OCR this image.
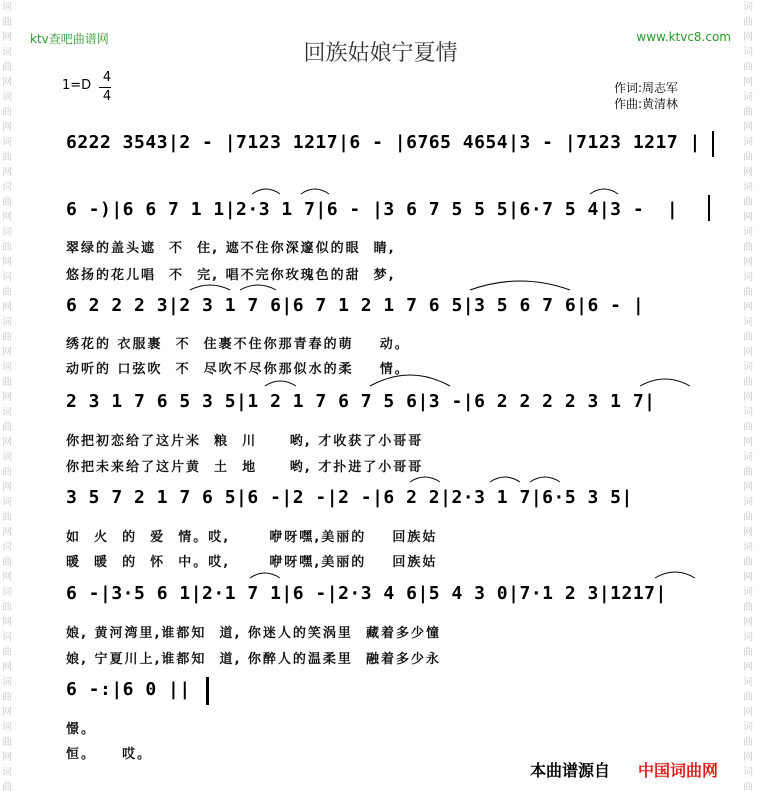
词
曲
网
词
曲
网
词
曲
网
词
曲
网
词
曲
网
词
曲
网
词
曲
网
词
曲
网
词
曲
网
词
曲
网
词
曲
网
词
曲
网
词
曲
网
词
曲
网
词
曲
网
词
曲
网
词
曲
网
词
曲
词
曲
网
词
曲
网
词
曲
网
词
曲
网
词
曲
网
词
曲
网
词
曲
网
词
曲
网
词
曲
网
词
曲
网
词
曲
网
词
曲
网
词
曲
网
词
曲
网
词
曲
网
词
曲
网
词
曲
网
词
曲
ktv查吧曲谱网	www.ktvc8.com
回族姑娘宁夏情
1=D
4
4
作词:周志军
作曲:黄清林
6222 3543|2 - |7123 1217|6 - |6765 4654|3 - |7123 1217 |
6 -)|6 6 7 1 1|2·3 1 7|6 - |3 6 7 5 5 5|6·7 5 4|3 -  |
翠绿的盖头遮  不  住, 遮不住你深邃似的眼  睛,
悠扬的花儿唱  不  完, 唱不完你玫瑰色的甜  梦,
6 2 2 2 3|2 3 1 7 6|6 7 1 2 1 7 6 5|3 5 6 7 6|6 - |
绣花的 衣服裹  不  住裹不住你那青春的萌    动。
动听的 口弦吹  不  尽吹不尽你那似水的柔    情。
2 3 1 7 6 5 3 5|1 2 1 7 6 7 5 6|3 -|6 2 2 2 2 3 1 7|
你把初恋给了这片米  粮  川     哟, 才收获了小哥哥
你把未来给了这片黄  土  地     哟, 才扑进了小哥哥
3 5 7 2 1 7 6 5|6 -|2 -|2 -|6 2 2|2·3 1 7|6·5 3 5|
如  火  的  爱  情。哎,      咿呀嘿,美丽的    回族姑
暖  暖  的  怀  中。哎,      咿呀嘿,美丽的    回族姑
6 -|3·5 6 1|2·1 7 1|6 -|2·3 4 6|5 4 3 0|7·1 2 3|1217|
娘, 黄河湾里,谁都知  道, 你迷人的笑涡里  藏着多少憧
娘, 宁夏川上,谁都知  道, 你醉人的温柔里  融着多少永
6 -:|6 0 ||
憬。
恒。    哎。
本曲谱源自 中国词曲网
